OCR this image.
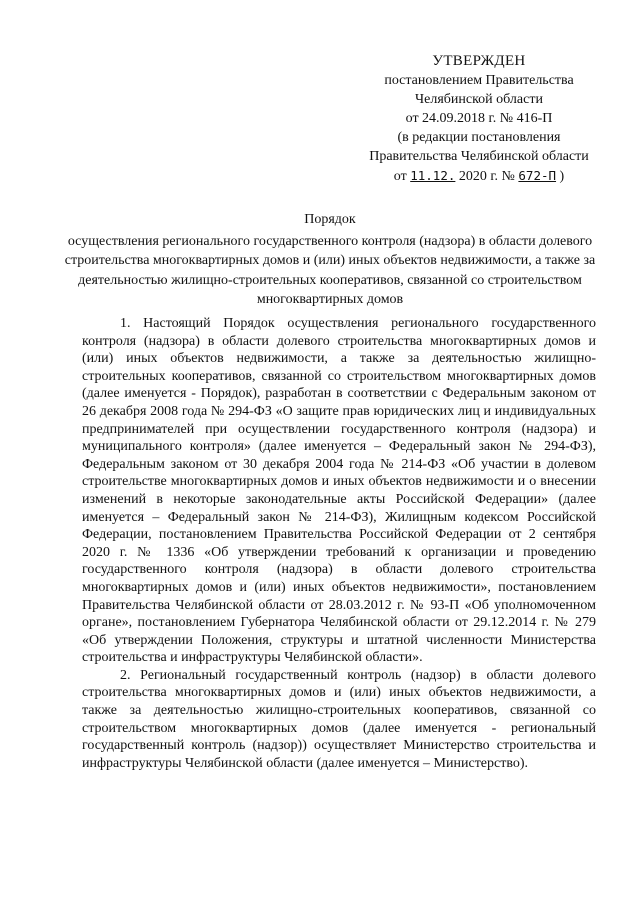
УТВЕРЖДЕН
постановлением Правительства
Челябинской области
от 24.09.2018 г. № 416-П
(в редакции постановления
Правительства Челябинской области
от 11.12. 2020 г. № 672-П )
Порядок
осуществления регионального государственного контроля (надзора) в области долевого строительства многоквартирных домов и (или) иных объектов недвижимости, а также за деятельностью жилищно-строительных кооперативов, связанной со строительством многоквартирных домов

1. Настоящий Порядок осуществления регионального государственного контроля (надзора) в области долевого строительства многоквартирных домов и (или) иных объектов недвижимости, а также за деятельностью жилищно-строительных кооперативов, связанной со строительством многоквартирных домов (далее именуется - Порядок), разработан в соответствии с Федеральным законом от 26 декабря 2008 года № 294-ФЗ «О защите прав юридических лиц и индивидуальных предпринимателей при осуществлении государственного контроля (надзора) и муниципального контроля» (далее именуется – Федеральный закон № 294-ФЗ), Федеральным законом от 30 декабря 2004 года № 214-ФЗ «Об участии в долевом строительстве многоквартирных домов и иных объектов недвижимости и о внесении изменений в некоторые законодательные акты Российской Федерации» (далее именуется – Федеральный закон № 214-ФЗ), Жилищным кодексом Российской Федерации, постановлением Правительства Российской Федерации от 2 сентября 2020 г. № 1336 «Об утверждении требований к организации и проведению государственного контроля (надзора) в области долевого строительства многоквартирных домов и (или) иных объектов недвижимости», постановлением Правительства Челябинской области от 28.03.2012 г. № 93-П «Об уполномоченном органе», постановлением Губернатора Челябинской области от 29.12.2014 г. № 279 «Об утверждении Положения, структуры и штатной численности Министерства строительства и инфраструктуры Челябинской области».

2. Региональный государственный контроль (надзор) в области долевого строительства многоквартирных домов и (или) иных объектов недвижимости, а также за деятельностью жилищно-строительных кооперативов, связанной со строительством многоквартирных домов (далее именуется - региональный государственный контроль (надзор)) осуществляет Министерство строительства и инфраструктуры Челябинской области (далее именуется – Министерство).
